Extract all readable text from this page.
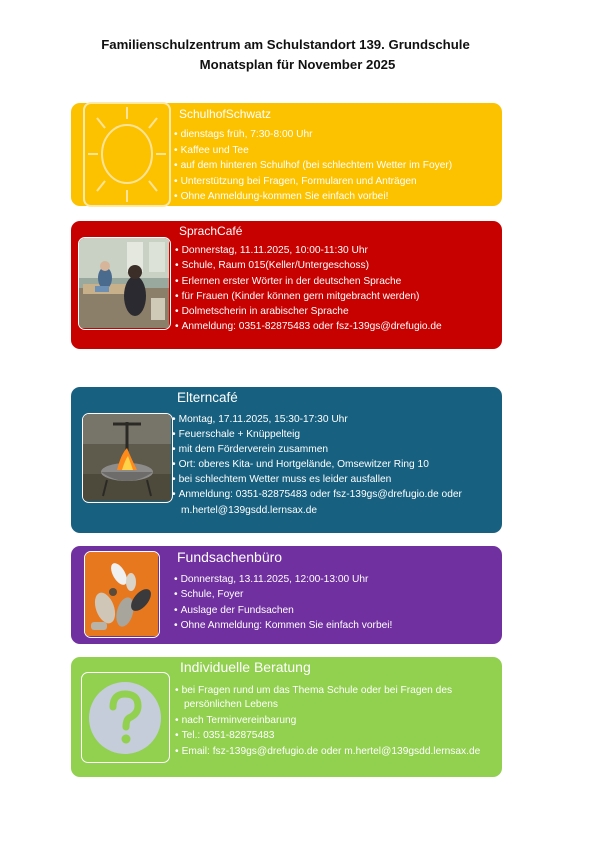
Familienschulzentrum am Schulstandort 139. Grundschule
Monatsplan für November 2025
SchulhofSchwatz
• dienstags früh, 7:30-8:00 Uhr
• Kaffee und Tee
• auf dem hinteren Schulhof (bei schlechtem Wetter im Foyer)
• Unterstützung bei Fragen, Formularen und Anträgen
• Ohne Anmeldung-kommen Sie einfach vorbei!
SprachCafé
• Donnerstag, 11.11.2025, 10:00-11:30 Uhr
• Schule, Raum 015(Keller/Untergeschoss)
• Erlernen erster Wörter in der deutschen Sprache
• für Frauen (Kinder können gern mitgebracht werden)
• Dolmetscherin in arabischer Sprache
• Anmeldung: 0351-82875483 oder fsz-139gs@drefugio.de
Elterncafé
• Montag, 17.11.2025, 15:30-17:30 Uhr
• Feuerschale + Knüppelteig
• mit dem Förderverein zusammen
• Ort: oberes Kita- und Hortgelände, Omsewitzer Ring 10
• bei schlechtem Wetter muss es leider ausfallen
• Anmeldung: 0351-82875483 oder fsz-139gs@drefugio.de oder m.hertel@139gsdd.lernsax.de
Fundsachenbüro
• Donnerstag, 13.11.2025, 12:00-13:00 Uhr
• Schule, Foyer
• Auslage der Fundsachen
• Ohne Anmeldung: Kommen Sie einfach vorbei!
Individuelle Beratung
• bei Fragen rund um das Thema Schule oder bei Fragen des persönlichen Lebens
• nach Terminvereinbarung
• Tel.: 0351-82875483
• Email: fsz-139gs@drefugio.de oder m.hertel@139gsdd.lernsax.de
